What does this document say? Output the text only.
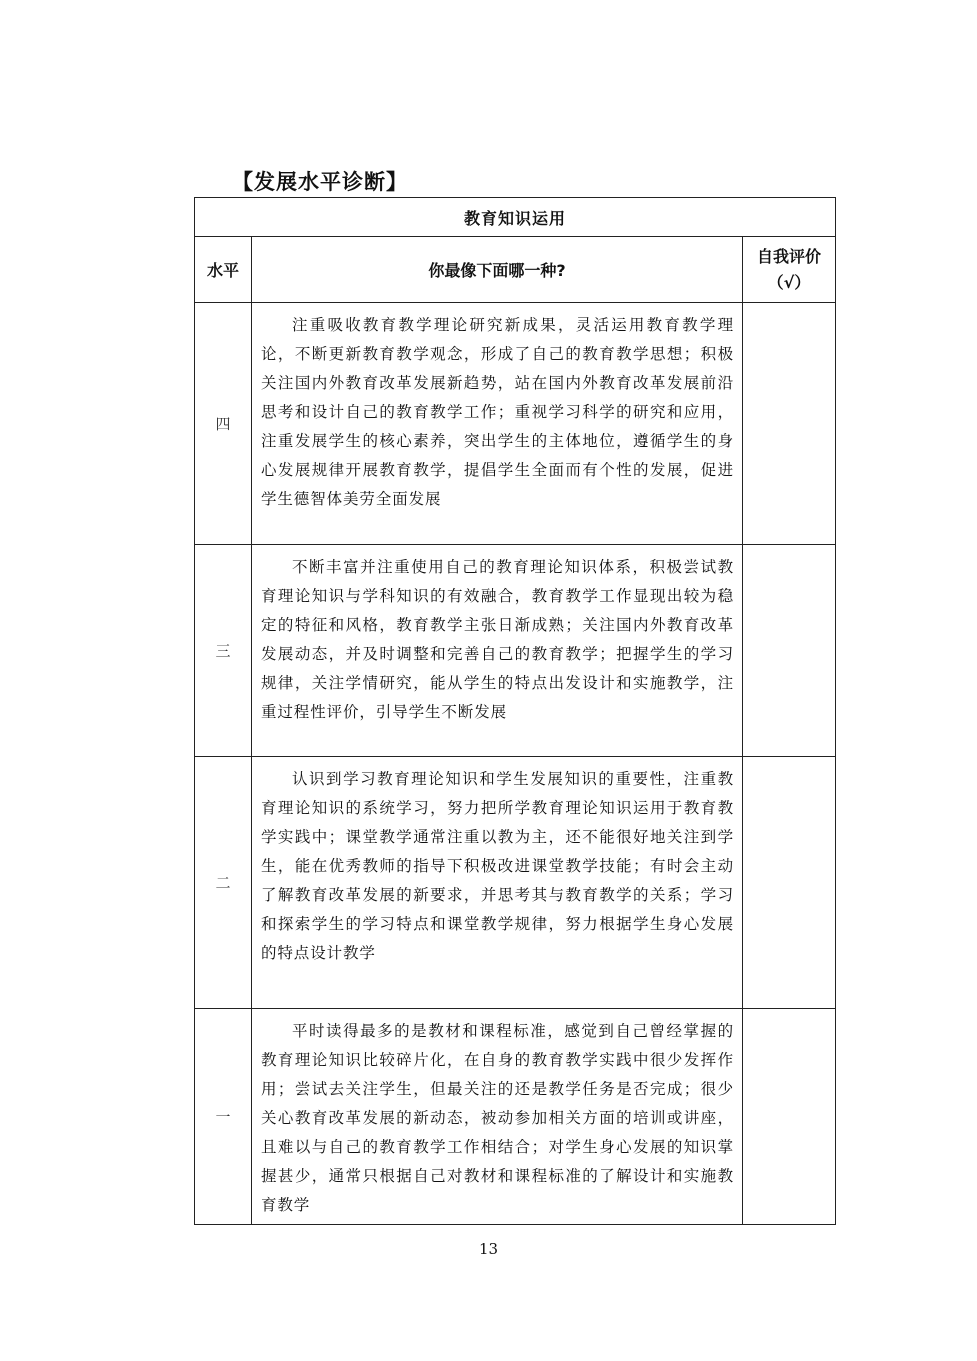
【发展水平诊断】
教育知识运用		
水平	你最像下面哪一种?	自我评价
（√）

四	注重吸收教育教学理论研究新成果，灵活运用教育教学理论，不断更新教育教学观念，形成了自己的教育教学思想；积极关注国内外教育改革发展新趋势，站在国内外教育改革发展前沿思考和设计自己的教育教学工作；重视学习科学的研究和应用，注重发展学生的核心素养，突出学生的主体地位，遵循学生的身心发展规律开展教育教学，提倡学生全面而有个性的发展，促进学生德智体美劳全面发展	
三	不断丰富并注重使用自己的教育理论知识体系，积极尝试教育理论知识与学科知识的有效融合，教育教学工作显现出较为稳定的特征和风格，教育教学主张日渐成熟；关注国内外教育改革发展动态，并及时调整和完善自己的教育教学；把握学生的学习规律，关注学情研究，能从学生的特点出发设计和实施教学，注重过程性评价，引导学生不断发展	
二	认识到学习教育理论知识和学生发展知识的重要性，注重教育理论知识的系统学习，努力把所学教育理论知识运用于教育教学实践中；课堂教学通常注重以教为主，还不能很好地关注到学生，能在优秀教师的指导下积极改进课堂教学技能；有时会主动了解教育改革发展的新要求，并思考其与教育教学的关系；学习和探索学生的学习特点和课堂教学规律，努力根据学生身心发展的特点设计教学	
一	平时读得最多的是教材和课程标准，感觉到自己曾经掌握的教育理论知识比较碎片化，在自身的教育教学实践中很少发挥作用；尝试去关注学生，但最关注的还是教学任务是否完成；很少关心教育改革发展的新动态，被动参加相关方面的培训或讲座，且难以与自己的教育教学工作相结合；对学生身心发展的知识掌握甚少，通常只根据自己对教材和课程标准的了解设计和实施教育教学	

13
